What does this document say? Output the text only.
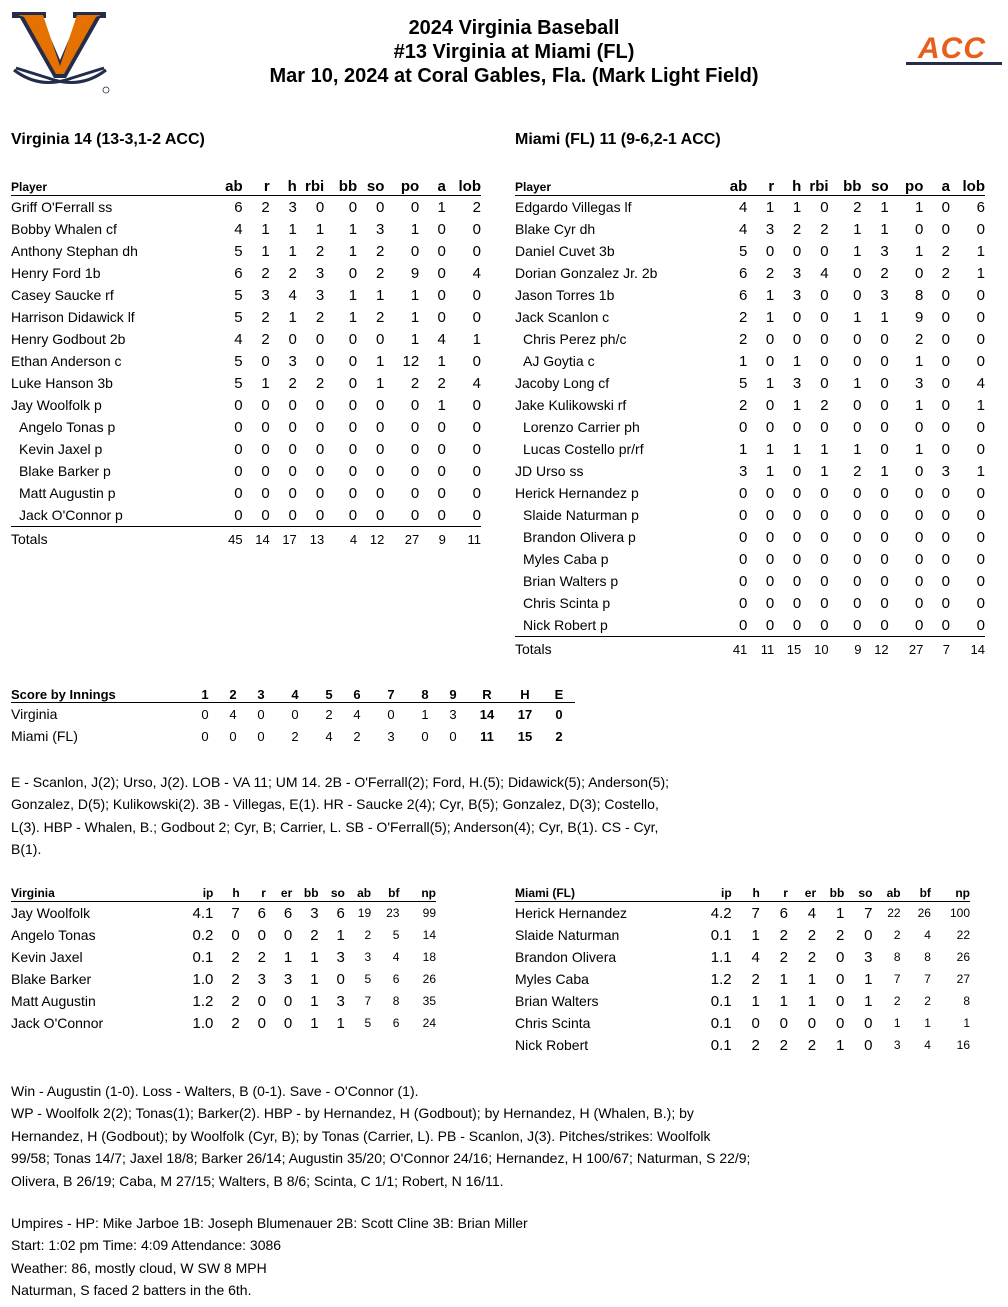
ACC
2024 Virginia Baseball
#13 Virginia at Miami (FL)
Mar 10, 2024 at Coral Gables, Fla. (Mark Light Field)
Virginia 14 (13-3,1-2 ACC)	Miami (FL) 11 (9-6,2-1 ACC)
Player	ab	r	h	rbi	bb	so	po	a	lob
Griff O'Ferrall ss	6	2	3	0	0	0	0	1	2
Bobby Whalen cf	4	1	1	1	1	3	1	0	0
Anthony Stephan dh	5	1	1	2	1	2	0	0	0
Henry Ford 1b	6	2	2	3	0	2	9	0	4
Casey Saucke rf	5	3	4	3	1	1	1	0	0
Harrison Didawick lf	5	2	1	2	1	2	1	0	0
Henry Godbout 2b	4	2	0	0	0	0	1	4	1
Ethan Anderson c	5	0	3	0	0	1	12	1	0
Luke Hanson 3b	5	1	2	2	0	1	2	2	4
Jay Woolfolk p	0	0	0	0	0	0	0	1	0
Angelo Tonas p	0	0	0	0	0	0	0	0	0
Kevin Jaxel p	0	0	0	0	0	0	0	0	0
Blake Barker p	0	0	0	0	0	0	0	0	0
Matt Augustin p	0	0	0	0	0	0	0	0	0
Jack O'Connor p	0	0	0	0	0	0	0	0	0
Totals	45	14	17	13	4	12	27	9	11
Player	ab	r	h	rbi	bb	so	po	a	lob
Edgardo Villegas lf	4	1	1	0	2	1	1	0	6
Blake Cyr dh	4	3	2	2	1	1	0	0	0
Daniel Cuvet 3b	5	0	0	0	1	3	1	2	1
Dorian Gonzalez Jr. 2b	6	2	3	4	0	2	0	2	1
Jason Torres 1b	6	1	3	0	0	3	8	0	0
Jack Scanlon c	2	1	0	0	1	1	9	0	0
Chris Perez ph/c	2	0	0	0	0	0	2	0	0
AJ Goytia c	1	0	1	0	0	0	1	0	0
Jacoby Long cf	5	1	3	0	1	0	3	0	4
Jake Kulikowski rf	2	0	1	2	0	0	1	0	1
Lorenzo Carrier ph	0	0	0	0	0	0	0	0	0
Lucas Costello pr/rf	1	1	1	1	1	0	1	0	0
JD Urso ss	3	1	0	1	2	1	0	3	1
Herick Hernandez p	0	0	0	0	0	0	0	0	0
Slaide Naturman p	0	0	0	0	0	0	0	0	0
Brandon Olivera p	0	0	0	0	0	0	0	0	0
Myles Caba p	0	0	0	0	0	0	0	0	0
Brian Walters p	0	0	0	0	0	0	0	0	0
Chris Scinta p	0	0	0	0	0	0	0	0	0
Nick Robert p	0	0	0	0	0	0	0	0	0
Totals	41	11	15	10	9	12	27	7	14
Score by Innings	1	2	3	4	5	6	7	8	9	R	H	E
Virginia	0	4	0	0	2	4	0	1	3	14	17	0
Miami (FL)	0	0	0	2	4	2	3	0	0	11	15	2
E - Scanlon, J(2); Urso, J(2). LOB - VA 11; UM 14. 2B - O'Ferrall(2); Ford, H.(5); Didawick(5); Anderson(5);
Gonzalez, D(5); Kulikowski(2). 3B - Villegas, E(1). HR - Saucke 2(4); Cyr, B(5); Gonzalez, D(3); Costello,
L(3). HBP - Whalen, B.; Godbout 2; Cyr, B; Carrier, L. SB - O'Ferrall(5); Anderson(4); Cyr, B(1). CS - Cyr,
B(1).
Virginia	ip	h	r	er	bb	so	ab	bf	np
Jay Woolfolk	4.1	7	6	6	3	6	19	23	99
Angelo Tonas	0.2	0	0	0	2	1	2	5	14
Kevin Jaxel	0.1	2	2	1	1	3	3	4	18
Blake Barker	1.0	2	3	3	1	0	5	6	26
Matt Augustin	1.2	2	0	0	1	3	7	8	35
Jack O'Connor	1.0	2	0	0	1	1	5	6	24
Miami (FL)	ip	h	r	er	bb	so	ab	bf	np
Herick Hernandez	4.2	7	6	4	1	7	22	26	100
Slaide Naturman	0.1	1	2	2	2	0	2	4	22
Brandon Olivera	1.1	4	2	2	0	3	8	8	26
Myles Caba	1.2	2	1	1	0	1	7	7	27
Brian Walters	0.1	1	1	1	0	1	2	2	8
Chris Scinta	0.1	0	0	0	0	0	1	1	1
Nick Robert	0.1	2	2	2	1	0	3	4	16
Win - Augustin (1-0). Loss - Walters, B (0-1). Save - O'Connor (1).
WP - Woolfolk 2(2); Tonas(1); Barker(2). HBP - by Hernandez, H (Godbout); by Hernandez, H (Whalen, B.); by
Hernandez, H (Godbout); by Woolfolk (Cyr, B); by Tonas (Carrier, L). PB - Scanlon, J(3). Pitches/strikes: Woolfolk
99/58; Tonas 14/7; Jaxel 18/8; Barker 26/14; Augustin 35/20; O'Connor 24/16; Hernandez, H 100/67; Naturman, S 22/9;
Olivera, B 26/19; Caba, M 27/15; Walters, B 8/6; Scinta, C 1/1; Robert, N 16/11.
Umpires - HP: Mike Jarboe 1B: Joseph Blumenauer 2B: Scott Cline 3B: Brian Miller
Start: 1:02 pm Time: 4:09 Attendance: 3086
Weather: 86, mostly cloud, W SW 8 MPH
Naturman, S faced 2 batters in the 6th.
